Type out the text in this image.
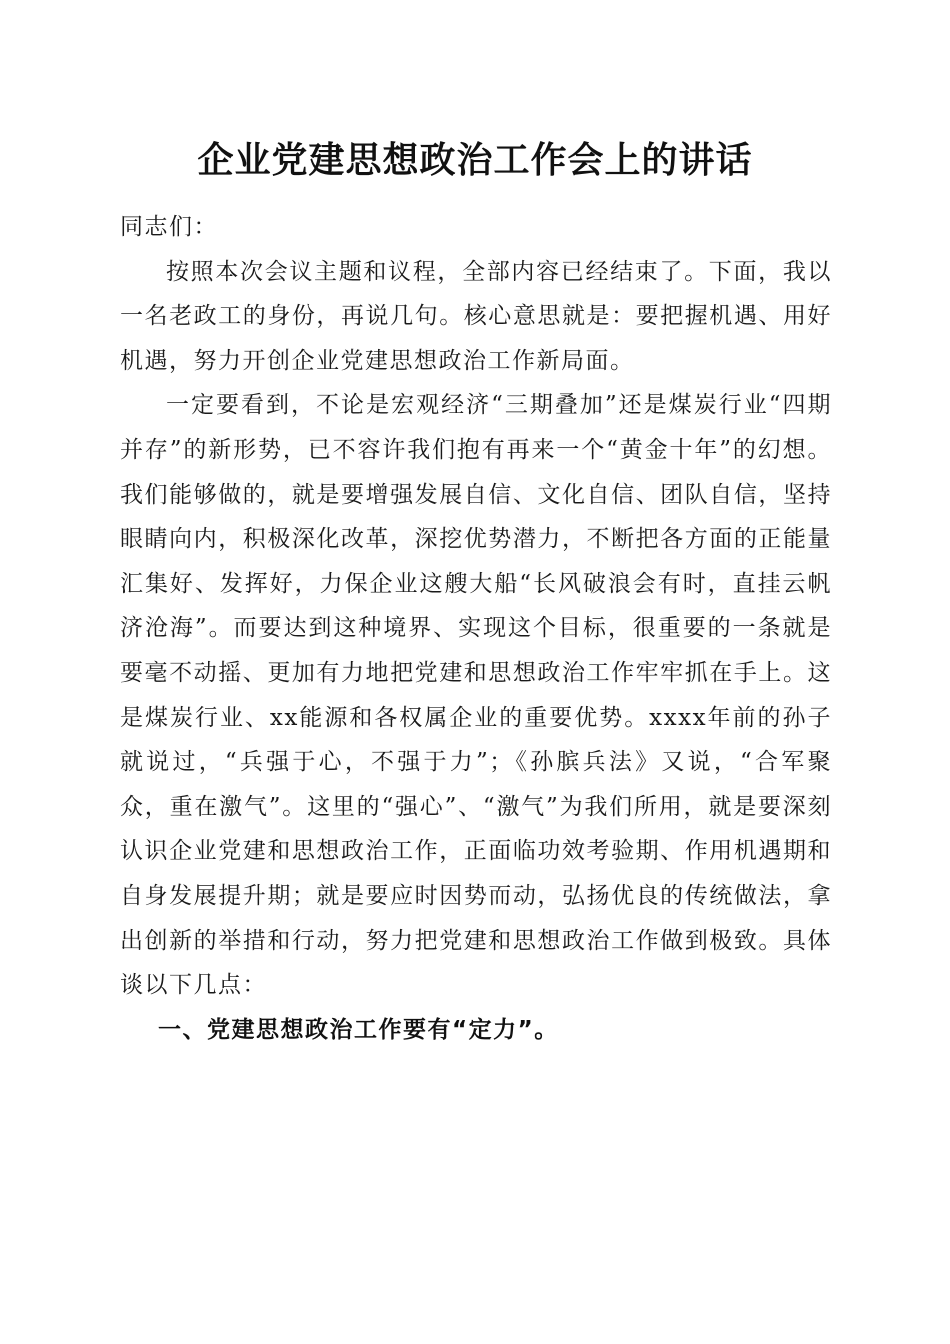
企业党建思想政治工作会上的讲话

同志们：

按照本次会议主题和议程，全部内容已经结束了。下面，我以一名老政工的身份，再说几句。核心意思就是：要把握机遇、用好机遇，努力开创企业党建思想政治工作新局面。

一定要看到，不论是宏观经济“三期叠加”还是煤炭行业“四期并存”的新形势，已不容许我们抱有再来一个“黄金十年”的幻想。我们能够做的，就是要增强发展自信、文化自信、团队自信，坚持眼睛向内，积极深化改革，深挖优势潜力，不断把各方面的正能量汇集好、发挥好，力保企业这艘大船“长风破浪会有时，直挂云帆济沧海”。而要达到这种境界、实现这个目标，很重要的一条就是要毫不动摇、更加有力地把党建和思想政治工作牢牢抓在手上。这是煤炭行业、xx能源和各权属企业的重要优势。xxxx年前的孙子就说过，“兵强于心，不强于力”；《孙膑兵法》又说，“合军聚众，重在激气”。这里的“强心”、“激气”为我们所用，就是要深刻认识企业党建和思想政治工作，正面临功效考验期、作用机遇期和自身发展提升期；就是要应时因势而动，弘扬优良的传统做法，拿出创新的举措和行动，努力把党建和思想政治工作做到极致。具体谈以下几点：

一、党建思想政治工作要有“定力”。
